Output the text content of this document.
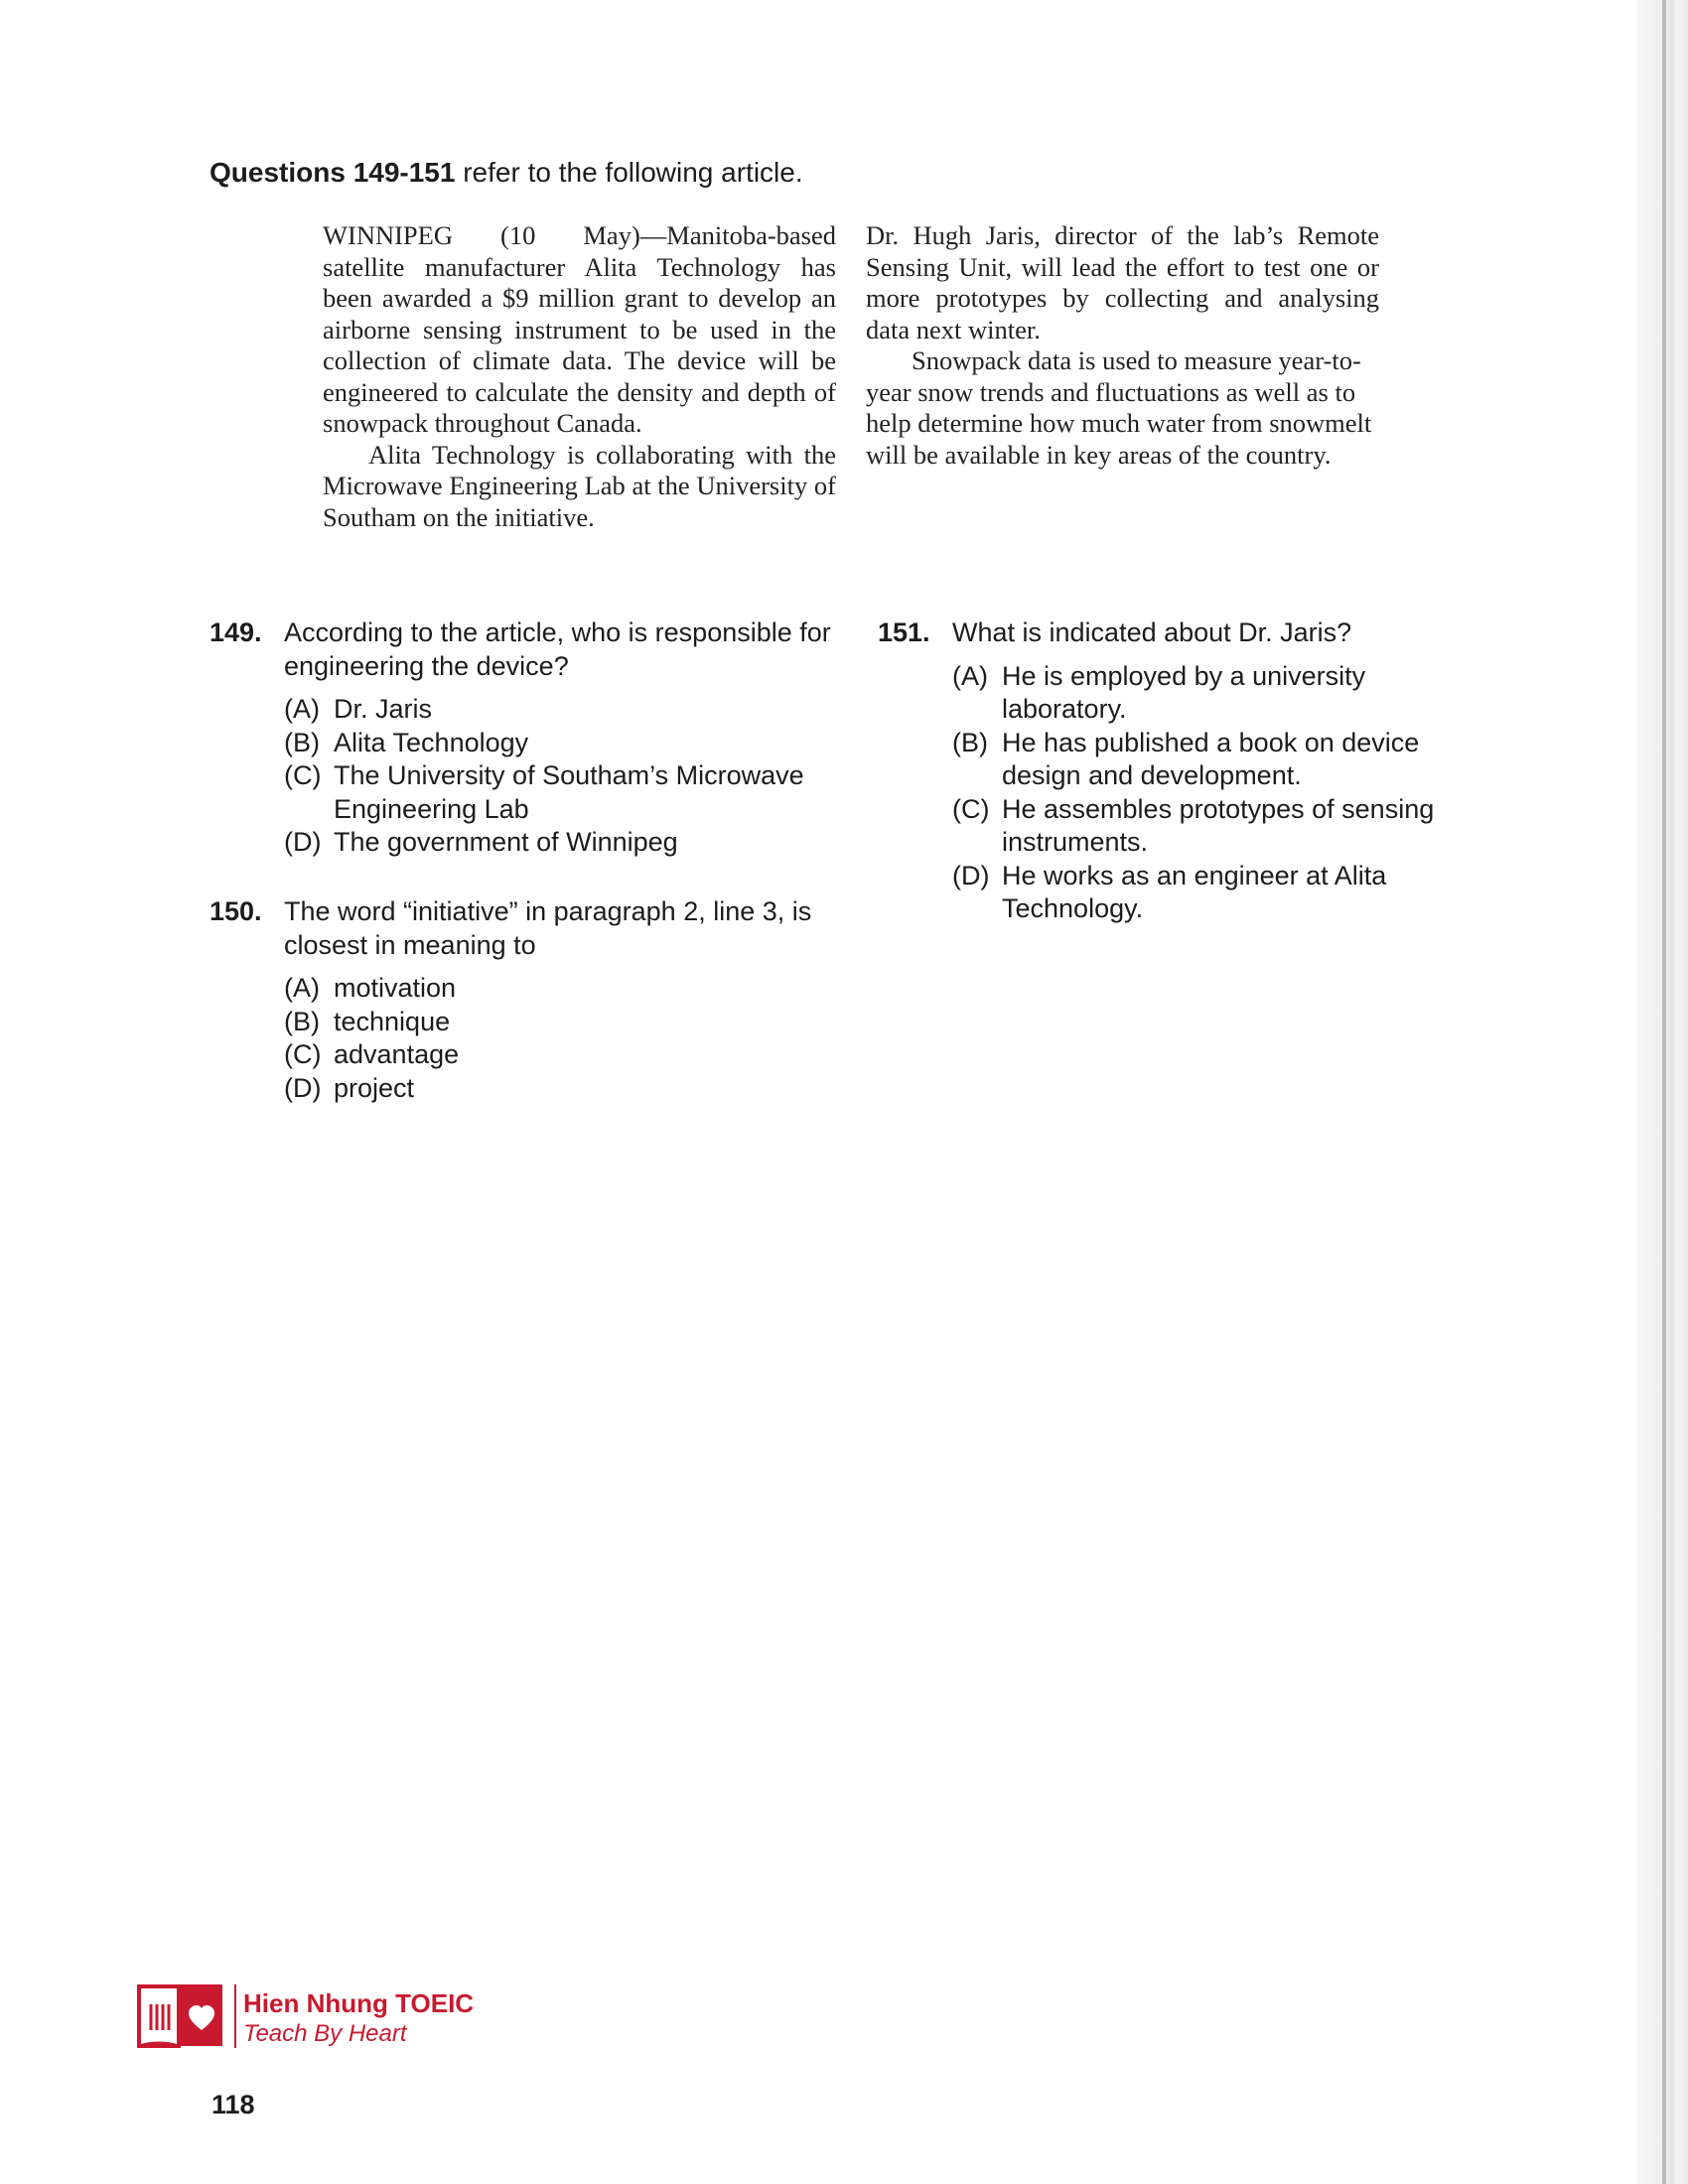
Questions 149-151 refer to the following article.

WINNIPEG (10 May)—Manitoba-based satellite manufacturer Alita Technology has been awarded a $9 million grant to develop an airborne sensing instrument to be used in the collection of climate data. The device will be engineered to calculate the density and depth of snowpack throughout Canada.

Alita Technology is collaborating with the Microwave Engineering Lab at the University of Southam on the initiative.

Dr. Hugh Jaris, director of the lab’s Remote Sensing Unit, will lead the effort to test one or more prototypes by collecting and analysing data next winter.

Snowpack data is used to measure year-to-year snow trends and fluctuations as well as to help determine how much water from snowmelt will be available in key areas of the country.

149. According to the article, who is responsible for engineering the device?
(A) Dr. Jaris
(B) Alita Technology
(C) The University of Southam’s Microwave Engineering Lab
(D) The government of Winnipeg
150. The word “initiative” in paragraph 2, line 3, is closest in meaning to
(A) motivation
(B) technique
(C) advantage
(D) project
151. What is indicated about Dr. Jaris?
(A) He is employed by a university laboratory.
(B) He has published a book on device design and development.
(C) He assembles prototypes of sensing instruments.
(D) He works as an engineer at Alita Technology.
Hien Nhung TOEIC
Teach By Heart
118
